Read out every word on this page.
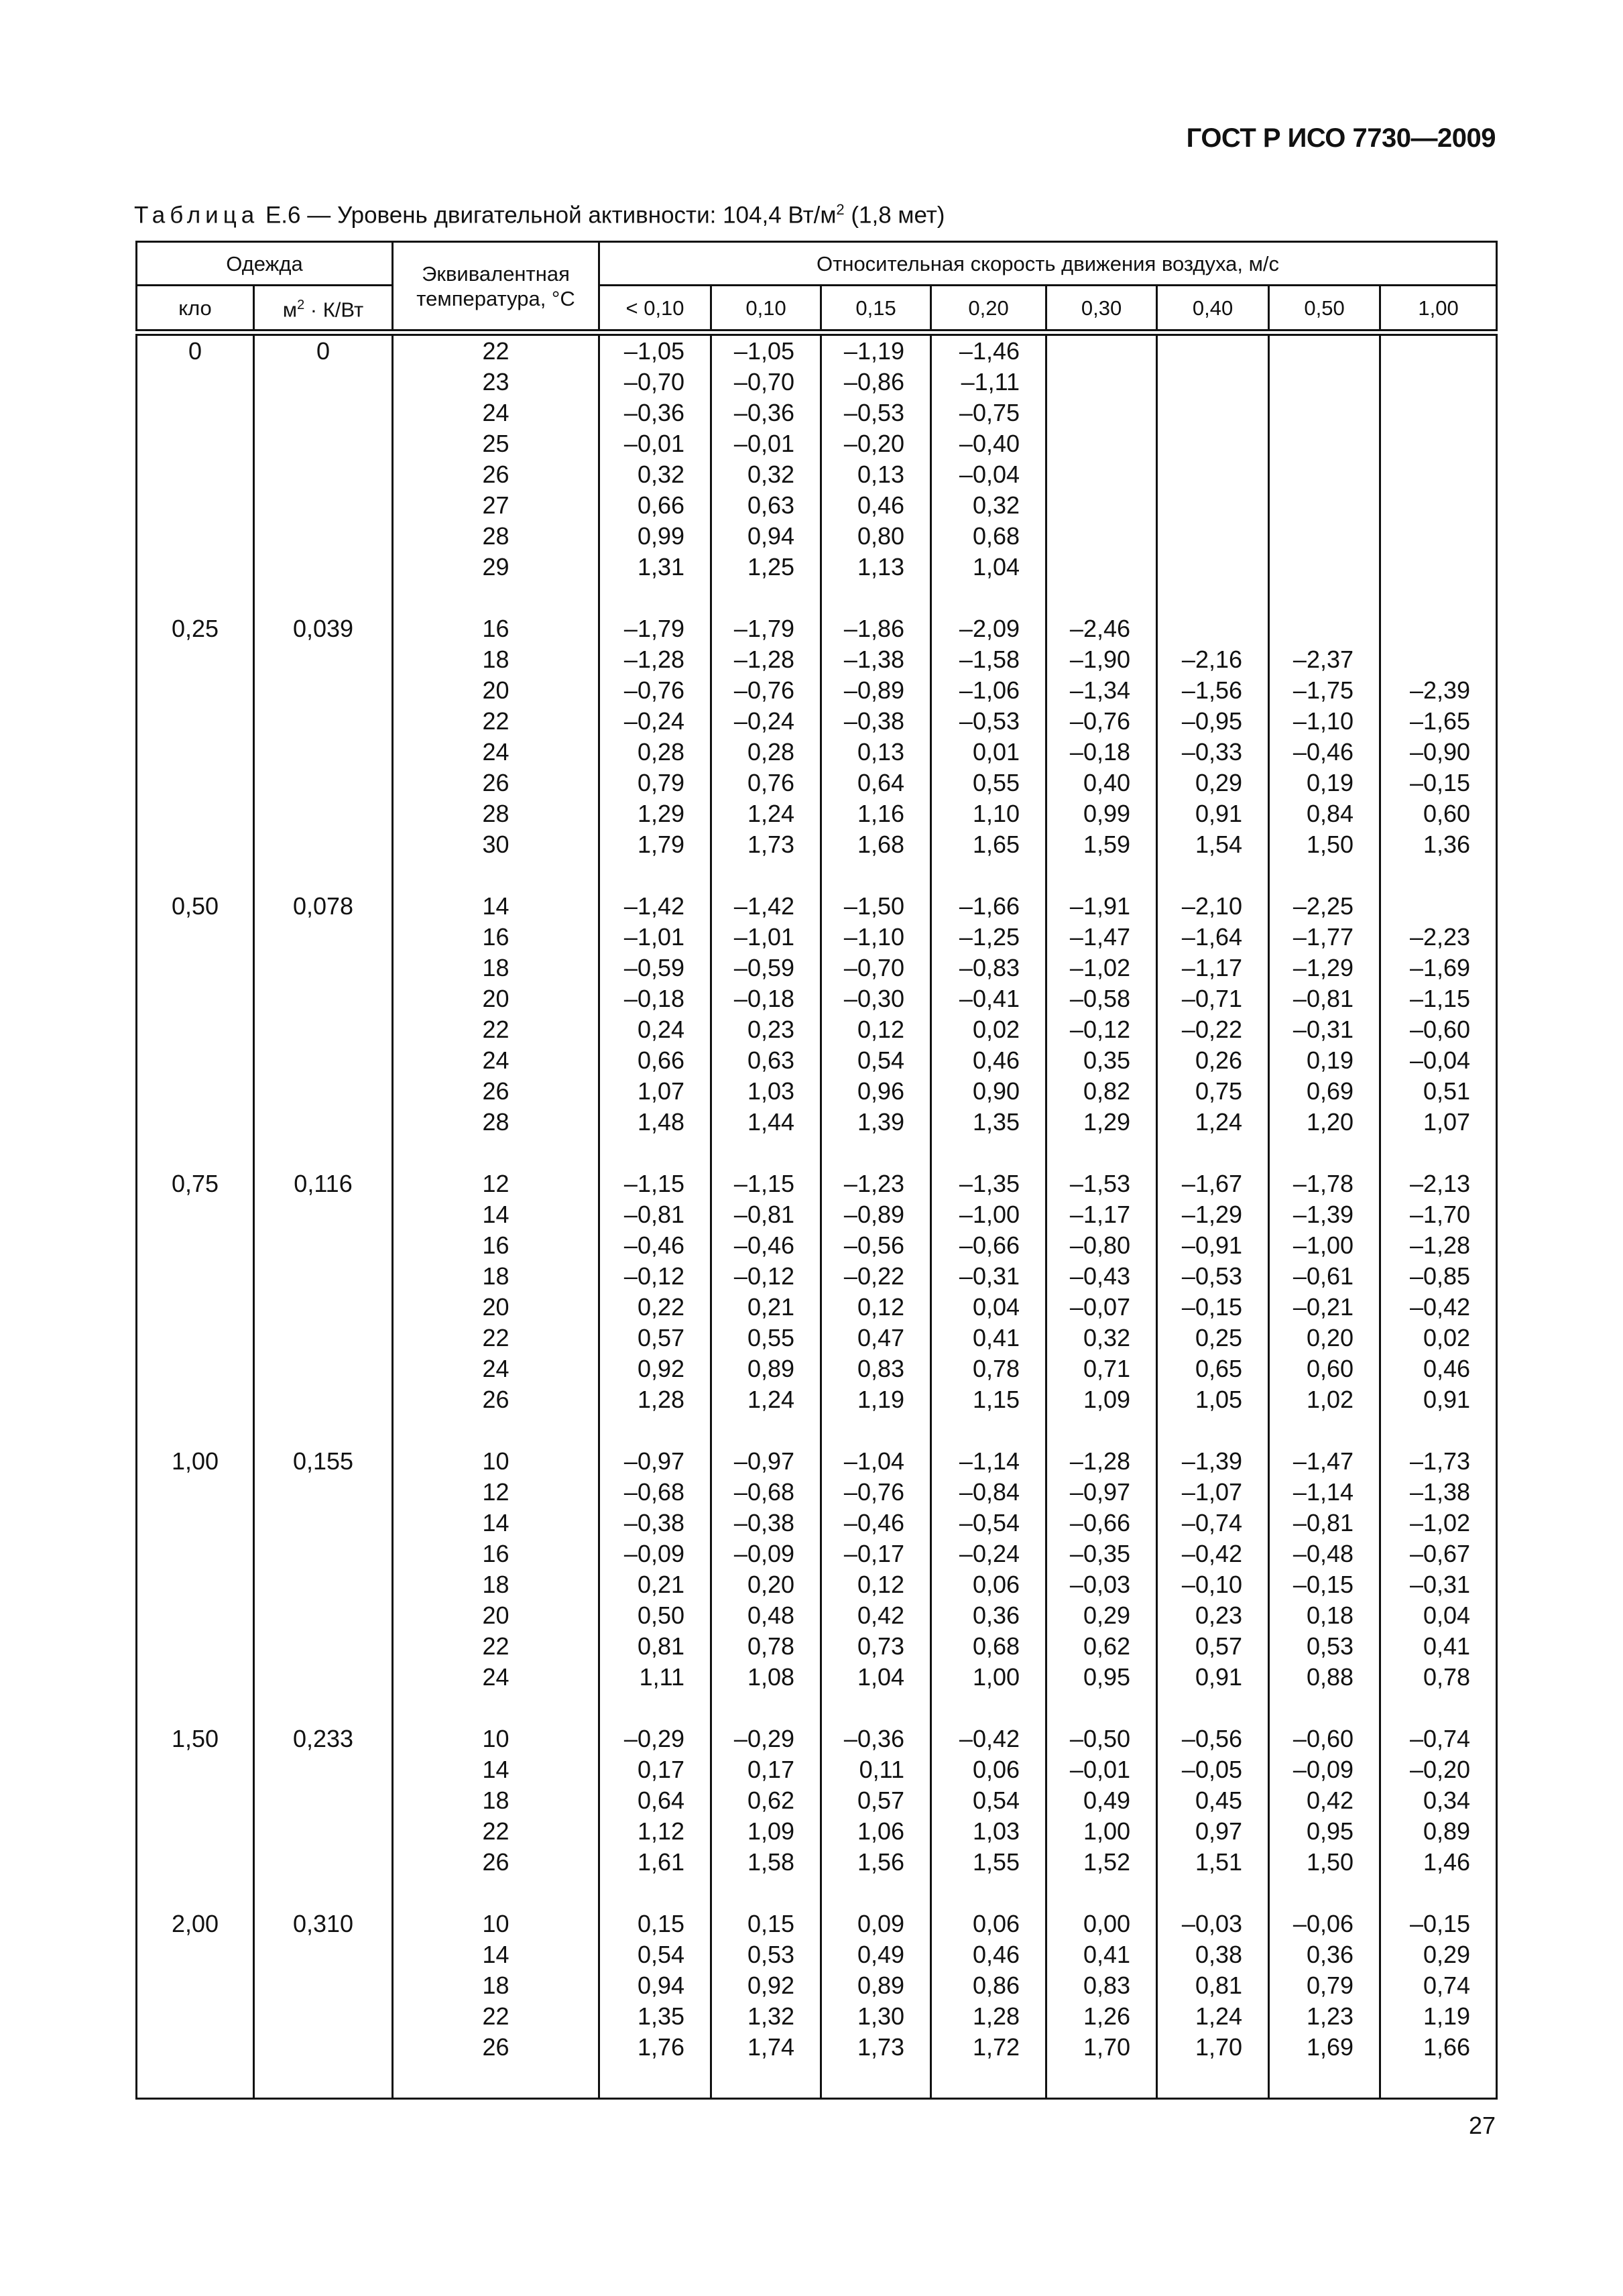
ГОСТ Р ИСО 7730—2009
Таблица Е.6 — Уровень двигательной активности: 104,4 $Вт/м^2$ (1,8 мет)
Одежда		Эквивалентная температура, °C	Относительная скорость движения воздуха, м/с							
кло	$м^2 \cdot К/Вт$		< 0,10	0,10	0,15	0,20	0,30	0,40	0,50	1,00
0	0	22	–1,05	–1,05	–1,19	–1,46				
		23	–0,70	–0,70	–0,86	–1,11				
		24	–0,36	–0,36	–0,53	–0,75				
		25	–0,01	–0,01	–0,20	–0,40				
		26	0,32	0,32	0,13	–0,04				
		27	0,66	0,63	0,46	0,32				
		28	0,99	0,94	0,80	0,68				
		29	1,31	1,25	1,13	1,04				

0,25	0,039	16	–1,79	–1,79	–1,86	–2,09	–2,46			
		18	–1,28	–1,28	–1,38	–1,58	–1,90	–2,16	–2,37	
		20	–0,76	–0,76	–0,89	–1,06	–1,34	–1,56	–1,75	–2,39
		22	–0,24	–0,24	–0,38	–0,53	–0,76	–0,95	–1,10	–1,65
		24	0,28	0,28	0,13	0,01	–0,18	–0,33	–0,46	–0,90
		26	0,79	0,76	0,64	0,55	0,40	0,29	0,19	–0,15
		28	1,29	1,24	1,16	1,10	0,99	0,91	0,84	0,60
		30	1,79	1,73	1,68	1,65	1,59	1,54	1,50	1,36

0,50	0,078	14	–1,42	–1,42	–1,50	–1,66	–1,91	–2,10	–2,25	
		16	–1,01	–1,01	–1,10	–1,25	–1,47	–1,64	–1,77	–2,23
		18	–0,59	–0,59	–0,70	–0,83	–1,02	–1,17	–1,29	–1,69
		20	–0,18	–0,18	–0,30	–0,41	–0,58	–0,71	–0,81	–1,15
		22	0,24	0,23	0,12	0,02	–0,12	–0,22	–0,31	–0,60
		24	0,66	0,63	0,54	0,46	0,35	0,26	0,19	–0,04
		26	1,07	1,03	0,96	0,90	0,82	0,75	0,69	0,51
		28	1,48	1,44	1,39	1,35	1,29	1,24	1,20	1,07

0,75	0,116	12	–1,15	–1,15	–1,23	–1,35	–1,53	–1,67	–1,78	–2,13
		14	–0,81	–0,81	–0,89	–1,00	–1,17	–1,29	–1,39	–1,70
		16	–0,46	–0,46	–0,56	–0,66	–0,80	–0,91	–1,00	–1,28
		18	–0,12	–0,12	–0,22	–0,31	–0,43	–0,53	–0,61	–0,85
		20	0,22	0,21	0,12	0,04	–0,07	–0,15	–0,21	–0,42
		22	0,57	0,55	0,47	0,41	0,32	0,25	0,20	0,02
		24	0,92	0,89	0,83	0,78	0,71	0,65	0,60	0,46
		26	1,28	1,24	1,19	1,15	1,09	1,05	1,02	0,91

1,00	0,155	10	–0,97	–0,97	–1,04	–1,14	–1,28	–1,39	–1,47	–1,73
		12	–0,68	–0,68	–0,76	–0,84	–0,97	–1,07	–1,14	–1,38
		14	–0,38	–0,38	–0,46	–0,54	–0,66	–0,74	–0,81	–1,02
		16	–0,09	–0,09	–0,17	–0,24	–0,35	–0,42	–0,48	–0,67
		18	0,21	0,20	0,12	0,06	–0,03	–0,10	–0,15	–0,31
		20	0,50	0,48	0,42	0,36	0,29	0,23	0,18	0,04
		22	0,81	0,78	0,73	0,68	0,62	0,57	0,53	0,41
		24	1,11	1,08	1,04	1,00	0,95	0,91	0,88	0,78

1,50	0,233	10	–0,29	–0,29	–0,36	–0,42	–0,50	–0,56	–0,60	–0,74
		14	0,17	0,17	0,11	0,06	–0,01	–0,05	–0,09	–0,20
		18	0,64	0,62	0,57	0,54	0,49	0,45	0,42	0,34
		22	1,12	1,09	1,06	1,03	1,00	0,97	0,95	0,89
		26	1,61	1,58	1,56	1,55	1,52	1,51	1,50	1,46

2,00	0,310	10	0,15	0,15	0,09	0,06	0,00	–0,03	–0,06	–0,15
		14	0,54	0,53	0,49	0,46	0,41	0,38	0,36	0,29
		18	0,94	0,92	0,89	0,86	0,83	0,81	0,79	0,74
		22	1,35	1,32	1,30	1,28	1,26	1,24	1,23	1,19
		26	1,76	1,74	1,73	1,72	1,70	1,70	1,69	1,66

27
